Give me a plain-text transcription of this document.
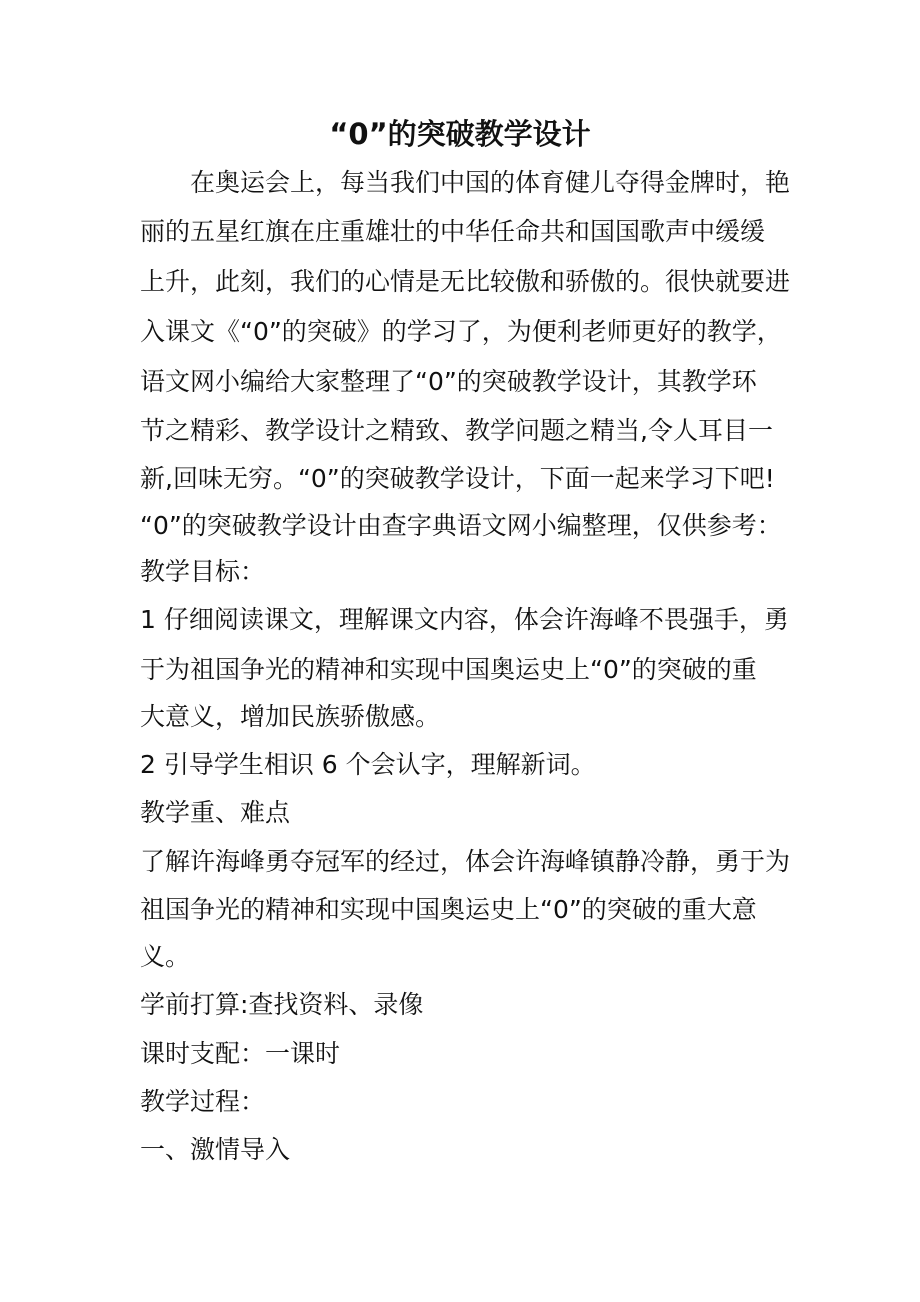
“0”的突破教学设计
在奥运会上，每当我们中国的体育健儿夺得金牌时，艳
丽的五星红旗在庄重雄壮的中华任命共和国国歌声中缓缓
上升，此刻，我们的心情是无比较傲和骄傲的。很快就要进
入课文《“0”的突破》的学习了，为便利老师更好的教学，
语文网小编给大家整理了“0”的突破教学设计，其教学环
节之精彩、教学设计之精致、教学问题之精当,令人耳目一
新,回味无穷。“0”的突破教学设计，下面一起来学习下吧!
“0”的突破教学设计由查字典语文网小编整理，仅供参考：
教学目标：
1 仔细阅读课文，理解课文内容，体会许海峰不畏强手，勇
于为祖国争光的精神和实现中国奥运史上“0”的突破的重
大意义，增加民族骄傲感。
2 引导学生相识 6 个会认字，理解新词。
教学重、难点
了解许海峰勇夺冠军的经过，体会许海峰镇静冷静，勇于为
祖国争光的精神和实现中国奥运史上“0”的突破的重大意
义。
学前打算:查找资料、录像
课时支配：一课时
教学过程：
一、激情导入
